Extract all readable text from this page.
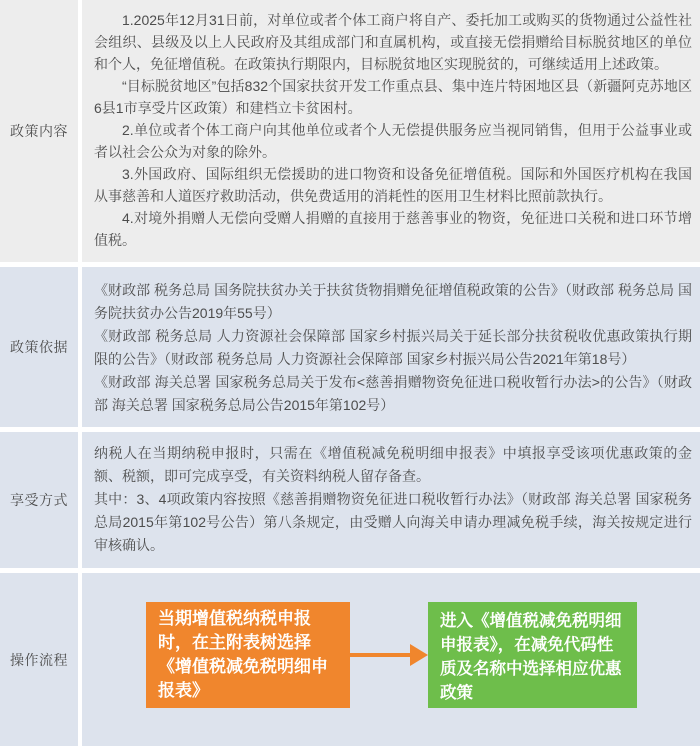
政策内容

1.2025年12月31日前，对单位或者个体工商户将自产、委托加工或购买的货物通过公益性社会组织、县级及以上人民政府及其组成部门和直属机构，或直接无偿捐赠给目标脱贫地区的单位和个人，免征增值税。在政策执行期限内，目标脱贫地区实现脱贫的，可继续适用上述政策。

“目标脱贫地区”包括832个国家扶贫开发工作重点县、集中连片特困地区县（新疆阿克苏地区6县1市享受片区政策）和建档立卡贫困村。

2.单位或者个体工商户向其他单位或者个人无偿提供服务应当视同销售，但用于公益事业或者以社会公众为对象的除外。

3.外国政府、国际组织无偿援助的进口物资和设备免征增值税。国际和外国医疗机构在我国从事慈善和人道医疗救助活动，供免费适用的消耗性的医用卫生材料比照前款执行。

4.对境外捐赠人无偿向受赠人捐赠的直接用于慈善事业的物资，免征进口关税和进口环节增值税。

政策依据

《财政部 税务总局 国务院扶贫办关于扶贫货物捐赠免征增值税政策的公告》（财政部 税务总局 国务院扶贫办公告2019年55号）

《财政部 税务总局 人力资源社会保障部 国家乡村振兴局关于延长部分扶贫税收优惠政策执行期限的公告》（财政部 税务总局 人力资源社会保障部 国家乡村振兴局公告2021年第18号）

《财政部 海关总署 国家税务总局关于发布<慈善捐赠物资免征进口税收暂行办法>的公告》（财政部 海关总署 国家税务总局公告2015年第102号）

享受方式

纳税人在当期纳税申报时，只需在《增值税减免税明细申报表》中填报享受该项优惠政策的金额、税额，即可完成享受，有关资料纳税人留存备查。

其中：3、4项政策内容按照《慈善捐赠物资免征进口税收暂行办法》（财政部 海关总署 国家税务总局2015年第102号公告）第八条规定，由受赠人向海关申请办理减免税手续，海关按规定进行审核确认。

操作流程
当期增值税纳税申报时，在主附表树选择《增值税减免税明细申报表》
进入《增值税减免税明细申报表》，在减免代码性质及名称中选择相应优惠政策
